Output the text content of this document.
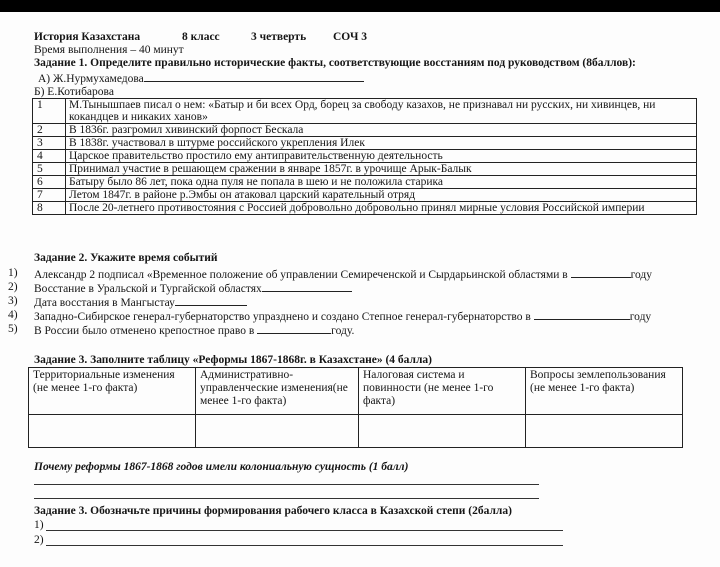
История Казахстана	8 класс	3 четверть СОЧ 3
Время выполнения – 40 минут
Задание 1. Определите правильно исторические факты, соответствующие восстаниям под руководством (8баллов):
А) Ж.Нурмухамедова
Б) Е.Котибарова
1	М.Тынышпаев писал о нем: «Батыр и би всех Орд, борец за свободу казахов, не признавал ни русских, ни хивинцев, ни кокандцев и никаких ханов»
2	В 1836г. разгромил хивинский форпост Бескала
3	В 1838г. участвовал в штурме российского укрепления Илек
4	Царское правительство простило ему антиправительственную деятельность
5	Принимал участие в решающем сражении в январе 1857г. в урочище Арык-Балык
6	Батыру было 86 лет, пока одна пуля не попала в шею и не положила старика
7	Летом 1847г. в районе р.Эмбы он атаковал царский карательный отряд
8	После 20-летнего противостояния с Россией добровольно добровольно принял мирные условия Российской империи
Задание 2. Укажите время событий
1) Александр 2 подписал «Временное положение об управлении Семиреченской и Сырдарьинской областями в	году
2) Восстание в Уральской и Тургайской областях
3) Дата восстания в Мангыстау
4) Западно-Сибирское генерал-губернаторство упразднено и создано Степное генерал-губернаторство в	году
5) В России было отменено крепостное право в	году.
Задание 3. Заполните таблицу «Реформы 1867-1868г. в Казахстане» (4 балла)
Территориальные изменения (не менее 1-го факта)	Административно-управленческие изменения(не менее 1-го факта)	Налоговая система и повинности (не менее 1-го факта)	Вопросы землепользования (не менее 1-го факта)

Почему реформы 1867-1868 годов имели колониальную сущность (1 балл)
Задание 3. Обозначьте причины формирования рабочего класса в Казахской степи (2балла)
1)
2)
